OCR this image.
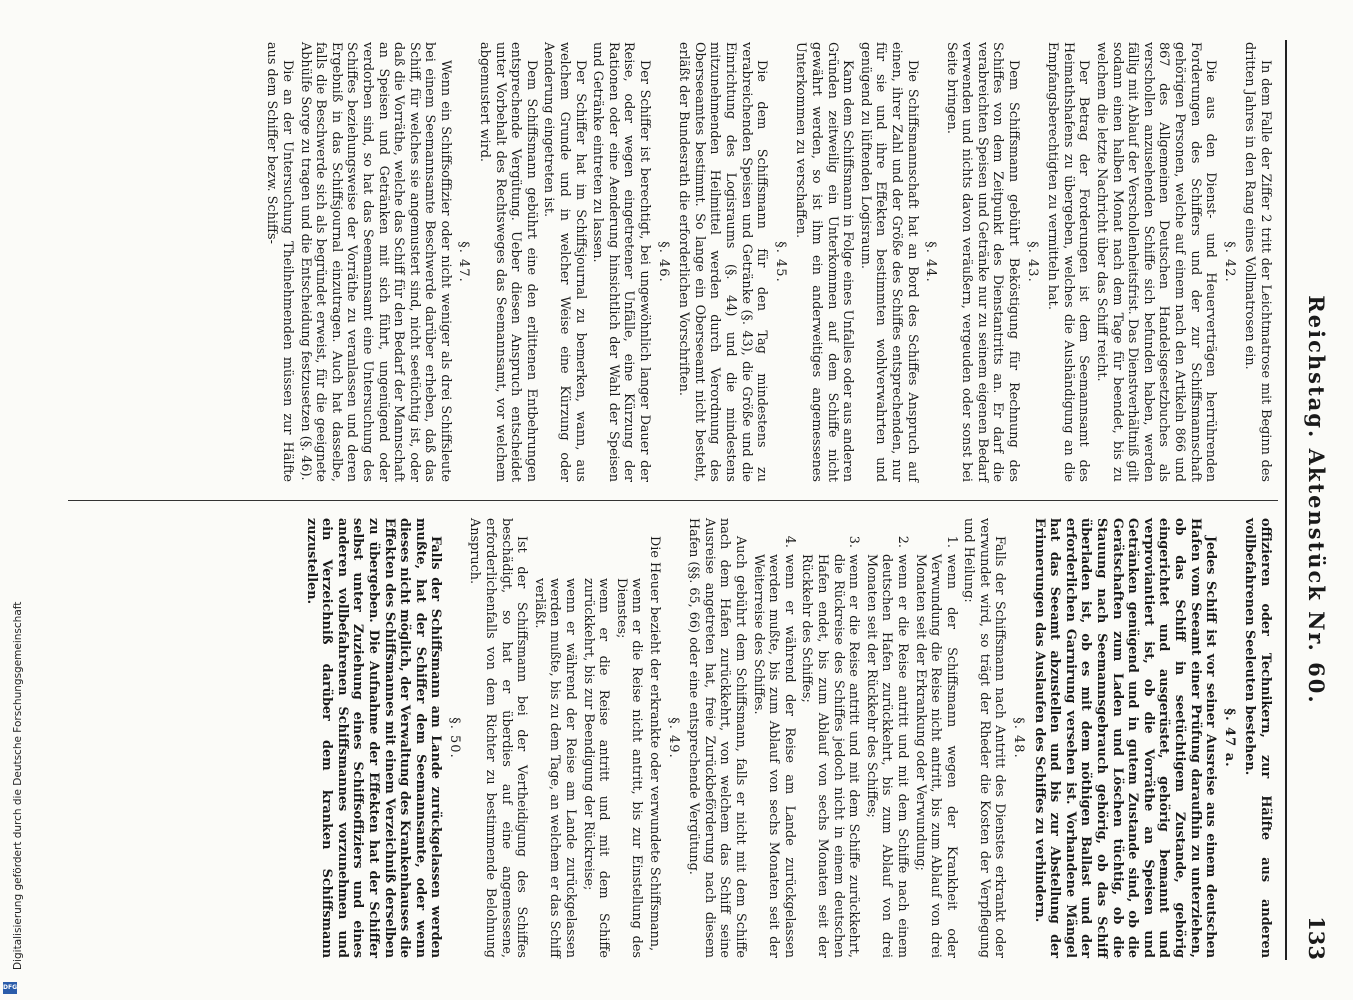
Reichstag. Aktenstück Nr. 60.
133

In dem Falle der Ziffer 2 tritt der Leichtmatrose mit Beginn des dritten Jahres in den Rang eines Vollmatrosen ein.

§. 42.

Die aus den Dienst- und Heuerverträgen herrührenden Forderungen des Schiffers und der zur Schiffsmannschaft gehörigen Personen, welche auf einem nach den Artikeln 866 und 867 des Allgemeinen Deutschen Handelsgesetzbuches als verschollen anzusehenden Schiffe sich befunden haben, werden fällig mit Ablauf der Verschollenheitsfrist. Das Dienstverhältniß gilt sodann einen halben Monat nach dem Tage für beendet, bis zu welchem die letzte Nachricht über das Schiff reicht.

Der Betrag der Forderungen ist dem Seemannsamt des Heimathshafens zu übergeben, welches die Aushändigung an die Empfangsberechtigten zu vermitteln hat.

§. 43.

Dem Schiffsmann gebührt Beköstigung für Rechnung des Schiffes von dem Zeitpunkt des Dienstantritts an. Er darf die verabreichten Speisen und Getränke nur zu seinem eigenen Bedarf verwenden und nichts davon veräußern, vergeuden oder sonst bei Seite bringen.

§. 44.

Die Schiffsmannschaft hat an Bord des Schiffes Anspruch auf einen, ihrer Zahl und der Größe des Schiffes entsprechenden, nur für sie und ihre Effekten bestimmten wohlverwahrten und genügend zu lüftenden Logisraum.

Kann dem Schiffsmann in Folge eines Unfalles oder aus anderen Gründen zeitweilig ein Unterkommen auf dem Schiffe nicht gewährt werden, so ist ihm ein anderweitiges angemessenes Unterkommen zu verschaffen.

§. 45.

Die dem Schiffsmann für den Tag mindestens zu verabreichenden Speisen und Getränke (§. 43), die Größe und die Einrichtung des Logisraums (§. 44) und die mindestens mitzunehmenden Heilmittel werden durch Verordnung des Oberseeamtes bestimmt. So lange ein Oberseeamt nicht besteht, erläßt der Bundesrath die erforderlichen Vorschriften.

§. 46.

Der Schiffer ist berechtigt, bei ungewöhnlich langer Dauer der Reise, oder wegen eingetretener Unfälle, eine Kürzung der Rationen oder eine Aenderung hinsichtlich der Wahl der Speisen und Getränke eintreten zu lassen.

Der Schiffer hat im Schiffsjournal zu bemerken, wann, aus welchem Grunde und in welcher Weise eine Kürzung oder Aenderung eingetreten ist.

Dem Schiffsmann gebührt eine den erlittenen Entbehrungen entsprechende Vergütung. Ueber diesen Anspruch entscheidet unter Vorbehalt des Rechtsweges das Seemannsamt, vor welchem abgemustert wird.

§. 47.

Wenn ein Schiffsoffizier oder nicht weniger als drei Schiffsleute bei einem Seemannsamte Beschwerde darüber erheben, daß das Schiff, für welches sie angemustert sind, nicht seetüchtig ist, oder daß die Vorräthe, welche das Schiff für den Bedarf der Mannschaft an Speisen und Getränken mit sich führt, ungenügend oder verdorben sind, so hat das Seemannsamt eine Untersuchung des Schiffes beziehungsweise der Vorräthe zu veranlassen und deren Ergebniß in das Schiffsjournal einzutragen. Auch hat dasselbe, falls die Beschwerde sich als begründet erweist, für die geeignete Abhülfe Sorge zu tragen und die Entscheidung festzusetzen (§. 46).

Die an der Untersuchung Theilnehmenden müssen zur Hälfte aus dem Schiffer bezw. Schiffs-

offizieren oder Technikern, zur Hälfte aus anderen vollbefahrenen Seeleuten bestehen.

§. 47 a.

Jedes Schiff ist vor seiner Ausreise aus einem deutschen Hafen vom Seeamt einer Prüfung daraufhin zu unterziehen, ob das Schiff in seetüchtigem Zustande, gehörig eingerichtet und ausgerüstet, gehörig bemannt und verproviantiert ist, ob die Vorräthe an Speisen und Getränken genügend und in gutem Zustande sind, ob die Gerätschaften zum Laden und Löschen tüchtig, ob die Stauung nach Seemannsgebrauch gehörig, ob das Schiff überladen ist, ob es mit dem nöthigen Ballast und der erforderlichen Garnirung versehen ist. Vorhandene Mängel hat das Seeamt abzustellen und bis zur Abstellung der Erinnerungen das Auslaufen des Schiffes zu verhindern.

§. 48.

Falls der Schiffsmann nach Antritt des Dienstes erkrankt oder verwundet wird, so trägt der Rheder die Kosten der Verpflegung und Heilung:

1.
wenn der Schiffsmann wegen der Krankheit oder Verwundung die Reise nicht antritt, bis zum Ablauf von drei Monaten seit der Erkrankung oder Verwundung;
2.
wenn er die Reise antritt und mit dem Schiffe nach einem deutschen Hafen zurückkehrt, bis zum Ablauf von drei Monaten seit der Rückkehr des Schiffes;
3.
wenn er die Reise antritt und mit dem Schiffe zurückkehrt, die Rückreise des Schiffes jedoch nicht in einem deutschen Hafen endet, bis zum Ablauf von sechs Monaten seit der Rückkehr des Schiffes;
4.
wenn er während der Reise am Lande zurückgelassen werden mußte, bis zum Ablauf von sechs Monaten seit der Weiterreise des Schiffes.

Auch gebührt dem Schiffsmann, falls er nicht mit dem Schiffe nach dem Hafen zurückkehrt, von welchem das Schiff seine Ausreise angetreten hat, freie Zurückbeförderung nach diesem Hafen (§§. 65, 66) oder eine entsprechende Vergütung.

§. 49.

Die Heuer bezieht der erkrankte oder verwundete Schiffsmann,

wenn er die Reise nicht antritt, bis zur Einstellung des Dienstes;
wenn er die Reise antritt und mit dem Schiffe zurückkehrt, bis zur Beendigung der Rückreise;
wenn er während der Reise am Lande zurückgelassen werden mußte, bis zu dem Tage, an welchem er das Schiff verläßt.

Ist der Schiffsmann bei der Vertheidigung des Schiffes beschädigt, so hat er überdies auf eine angemessene, erforderlichenfalls von dem Richter zu bestimmende Belohnung Anspruch.

§. 50.

Falls der Schiffsmann am Lande zurückgelassen werden mußte, hat der Schiffer dem Seemannsamte, oder wenn dieses nicht möglich, der Verwaltung des Krankenhauses die Effekten des Schiffsmannes mit einem Verzeichniß derselben zu übergeben. Die Aufnahme der Effekten hat der Schiffer selbst unter Zuziehung eines Schiffsoffiziers und eines anderen vollbefahrenen Schiffsmannes vorzunehmen und ein Verzeichniß darüber dem kranken Schiffsmann zuzustellen.

Digitalisierung gefördert durch die Deutsche Forschungsgemeinschaft
DFG
